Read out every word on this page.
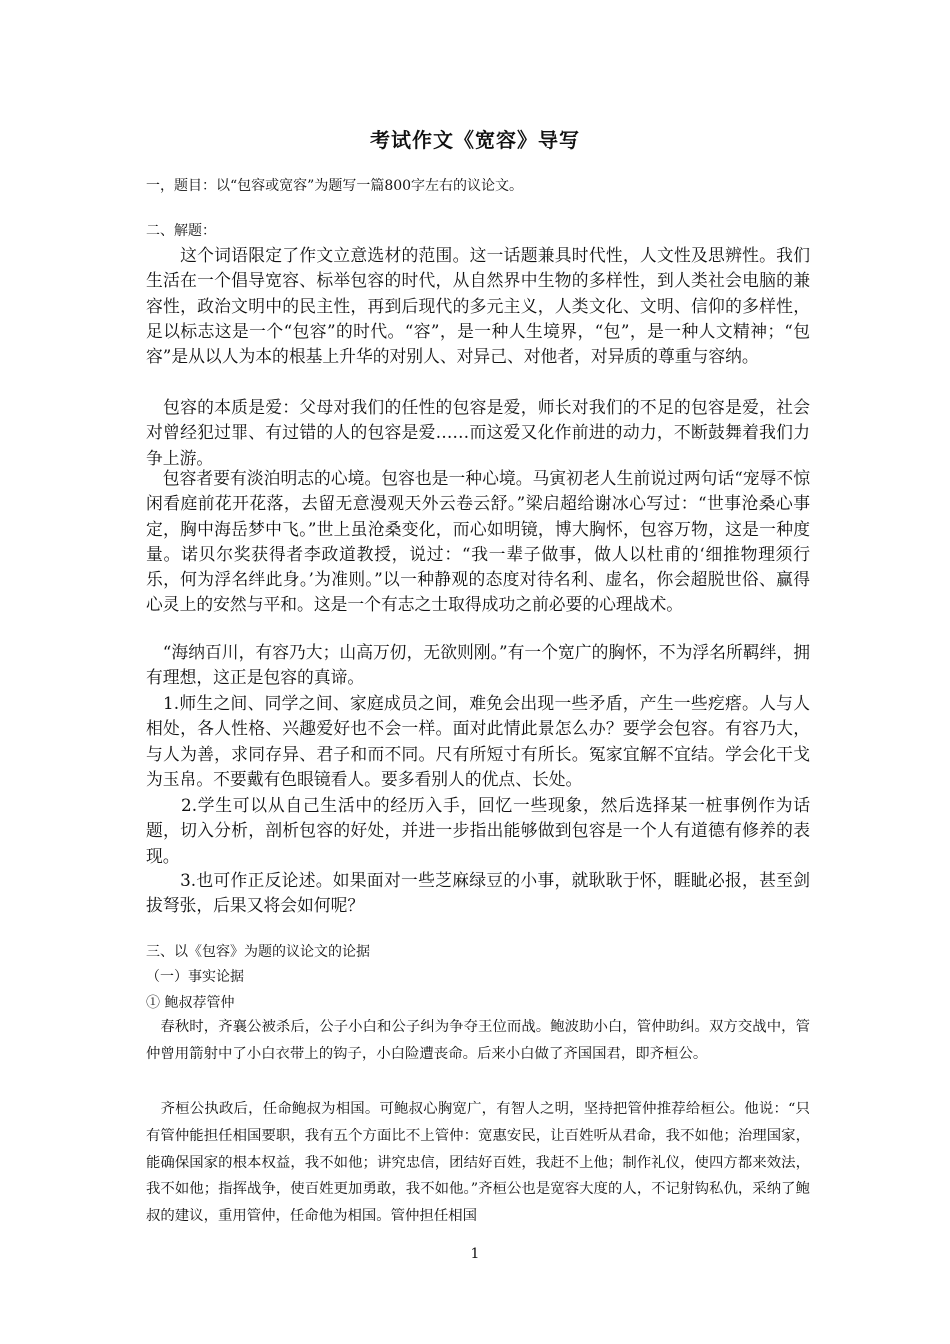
考试作文《宽容》导写
一，题目：以“包容或宽容”为题写一篇800字左右的议论文。
二、解题：

　　这个词语限定了作文立意选材的范围。这一话题兼具时代性，人文性及思辨性。我们生活在一个倡导宽容、标举包容的时代，从自然界中生物的多样性，到人类社会电脑的兼容性，政治文明中的民主性，再到后现代的多元主义，人类文化、文明、信仰的多样性，足以标志这是一个“包容”的时代。“容”，是一种人生境界，“包”，是一种人文精神；“包容”是从以人为本的根基上升华的对别人、对异己、对他者，对异质的尊重与容纳。

　包容的本质是爱：父母对我们的任性的包容是爱，师长对我们的不足的包容是爱，社会对曾经犯过罪、有过错的人的包容是爱……而这爱又化作前进的动力，不断鼓舞着我们力争上游。

　包容者要有淡泊明志的心境。包容也是一种心境。马寅初老人生前说过两句话“宠辱不惊闲看庭前花开花落，去留无意漫观天外云卷云舒。”梁启超给谢冰心写过：“世事沧桑心事定，胸中海岳梦中飞。”世上虽沧桑变化，而心如明镜，博大胸怀，包容万物，这是一种度量。诺贝尔奖获得者李政道教授，说过：“我一辈子做事，做人以杜甫的‘细推物理须行乐，何为浮名绊此身。’为准则。”以一种静观的态度对待名利、虚名，你会超脱世俗、赢得心灵上的安然与平和。这是一个有志之士取得成功之前必要的心理战术。

　“海纳百川，有容乃大；山高万仞，无欲则刚。”有一个宽广的胸怀，不为浮名所羁绊，拥有理想，这正是包容的真谛。

　1.师生之间、同学之间、家庭成员之间，难免会出现一些矛盾，产生一些疙瘩。人与人相处，各人性格、兴趣爱好也不会一样。面对此情此景怎么办？要学会包容。有容乃大，与人为善，求同存异、君子和而不同。尺有所短寸有所长。冤家宜解不宜结。学会化干戈为玉帛。不要戴有色眼镜看人。要多看别人的优点、长处。

　　2.学生可以从自己生活中的经历入手，回忆一些现象，然后选择某一桩事例作为话题，切入分析，剖析包容的好处，并进一步指出能够做到包容是一个人有道德有修养的表现。

　　3.也可作正反论述。如果面对一些芝麻绿豆的小事，就耿耿于怀，睚眦必报，甚至剑拔弩张，后果又将会如何呢？

三、以《包容》为题的议论文的论据
（一）事实论据
① 鲍叔荐管仲

　春秋时，齐襄公被杀后，公子小白和公子纠为争夺王位而战。鲍波助小白，管仲助纠。双方交战中，管仲曾用箭射中了小白衣带上的钩子，小白险遭丧命。后来小白做了齐国国君，即齐桓公。

　齐桓公执政后，任命鲍叔为相国。可鲍叔心胸宽广，有智人之明，坚持把管仲推荐给桓公。他说：“只有管仲能担任相国要职，我有五个方面比不上管仲：宽惠安民，让百姓听从君命，我不如他；治理国家，能确保国家的根本权益，我不如他；讲究忠信，团结好百姓，我赶不上他；制作礼仪，使四方都来效法，我不如他；指挥战争，使百姓更加勇敢，我不如他。”齐桓公也是宽容大度的人，不记射钩私仇，采纳了鲍叔的建议，重用管仲，任命他为相国。管仲担任相国

1
